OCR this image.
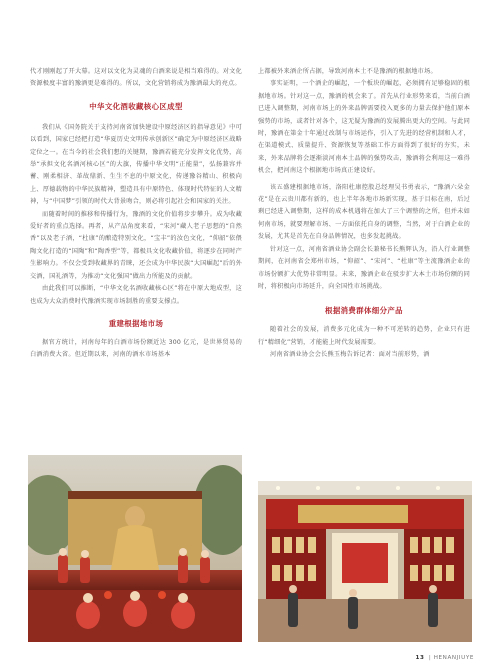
代才刚刚起了开大幕。这对以文化为灵魂的白酒来说是相当难得的。对文化资源极度丰富的豫酒更是难得的。所以，文化营销将成为豫酒最大的亮点。

中华文化酒收藏核心区成型

我们从《国务院关于支持河南省加快建设中原经济区的指导意见》中可以看到，国家已经把打造“华夏历史文明传承创新区”确定为中原经济区战略定位之一。在当今的社会我们想的关键期，豫酒若能充分发挥文化优势，高举“承担文化名酒河核心区”的大旗，传播中华文明“正能量”，弘扬兼容并蓄、刚柔相济、革故鼎新、生生不息的中原文化，传递豫谷精山、积极向上、厚德载物的中华民族精神，塑造具有中原特色、体现时代特征的人文精神，与“中国梦”引领的时代大背景吻合，则必将引起社会和国家的关注。

而随着时间的推移和传播行为，豫酒的文化价值将步步攀升。成为收藏爱好者的重点选择。再者，从产品角度来看，“宋河”藏人老子思想的“自然香”以及老子酒，“杜康”的酿造特别文化，“宝丰”的汝色文化，“仰韶”依偎陶文化打造的“国陶”和“陶香型”等，都极具文化收藏价值，将逐步在同时产生影响力。不仅会受到收藏界的青睐，还会成为中华民族“大国崛起”后的外交酒，国礼酒等，为推动“文化强国”做出力所能及的贡献。

由此我们可以推断，“中华文化名酒收藏核心区”将在中原大地成型，这也成为大众消费时代豫酒实现市场制胜的重要支撑点。

重建根据地市场

据官方统计，河南每年的白酒市场份额近达 300 亿元，是世界贸易的白酒消费大省。但近期以来，河南的酒水市场基本

上都被外来酒企所占据，导致河南本土不是豫酒的根据地市场。

事实证明，一个酒企的崛起，一个板块的崛起，必须拥有足够稳固的根据地市场。针对这一点，豫酒的机会来了。首先从行业形势来看，当前白酒已进入调整期，河南市场上的外来品牌需要投入更多的力量去保护他们原本强势的市场，或者针对各个，这无疑为豫酒的发展腾出更大的空间。与此同时，豫酒在第金十年通过改制与市场运作，引入了先进的经营机制和人才，在渠道模式、质量提升、资源恢复等基础工作方面得到了很好的夯实，未来，外来品牌将会逐渐淡河南本土品牌的强势攻击，豫酒将会利用这一难得机会，把河南这个根据地市场真正建设好。

该五盛建根据地市场，洛阳杜康控股总经理吴书勇表示，“豫酒六朵金花”是在云贵川都有新的，也上半年各地市场新实现，基于目标在南，后过剩已经进入调整期，这样的成本机遇将在加大了三个调整的之所，但并未如何南市场，就要理解市场、一方面依托自身的调整，当然，对于白酒企业的发展，尤其是首先在自身品牌情况，也多发起挑战。

针对这一点，河南省酒业协会副会长兼秘书长熊辉认为，沿人行业调整期间，在河南省会郑州市场，“仰韶”、“宋河”、“杜康”等主流豫酒企业的市场份额扩大优势非常明显。未来，豫酒企业在驳步扩大本土市场份额的同时，将积极向市场延升，向全国性市场挑战。

根据消费群体细分产品

随着社会的发展，消费多元化成为一种不可逆转的趋势，企业只有进行“精细化”营销，才能能上时代发展需要。

河南省酒业协会会长熊玉梅告诉记者：面对当前形势，酒

13 | HENANJIUYE
